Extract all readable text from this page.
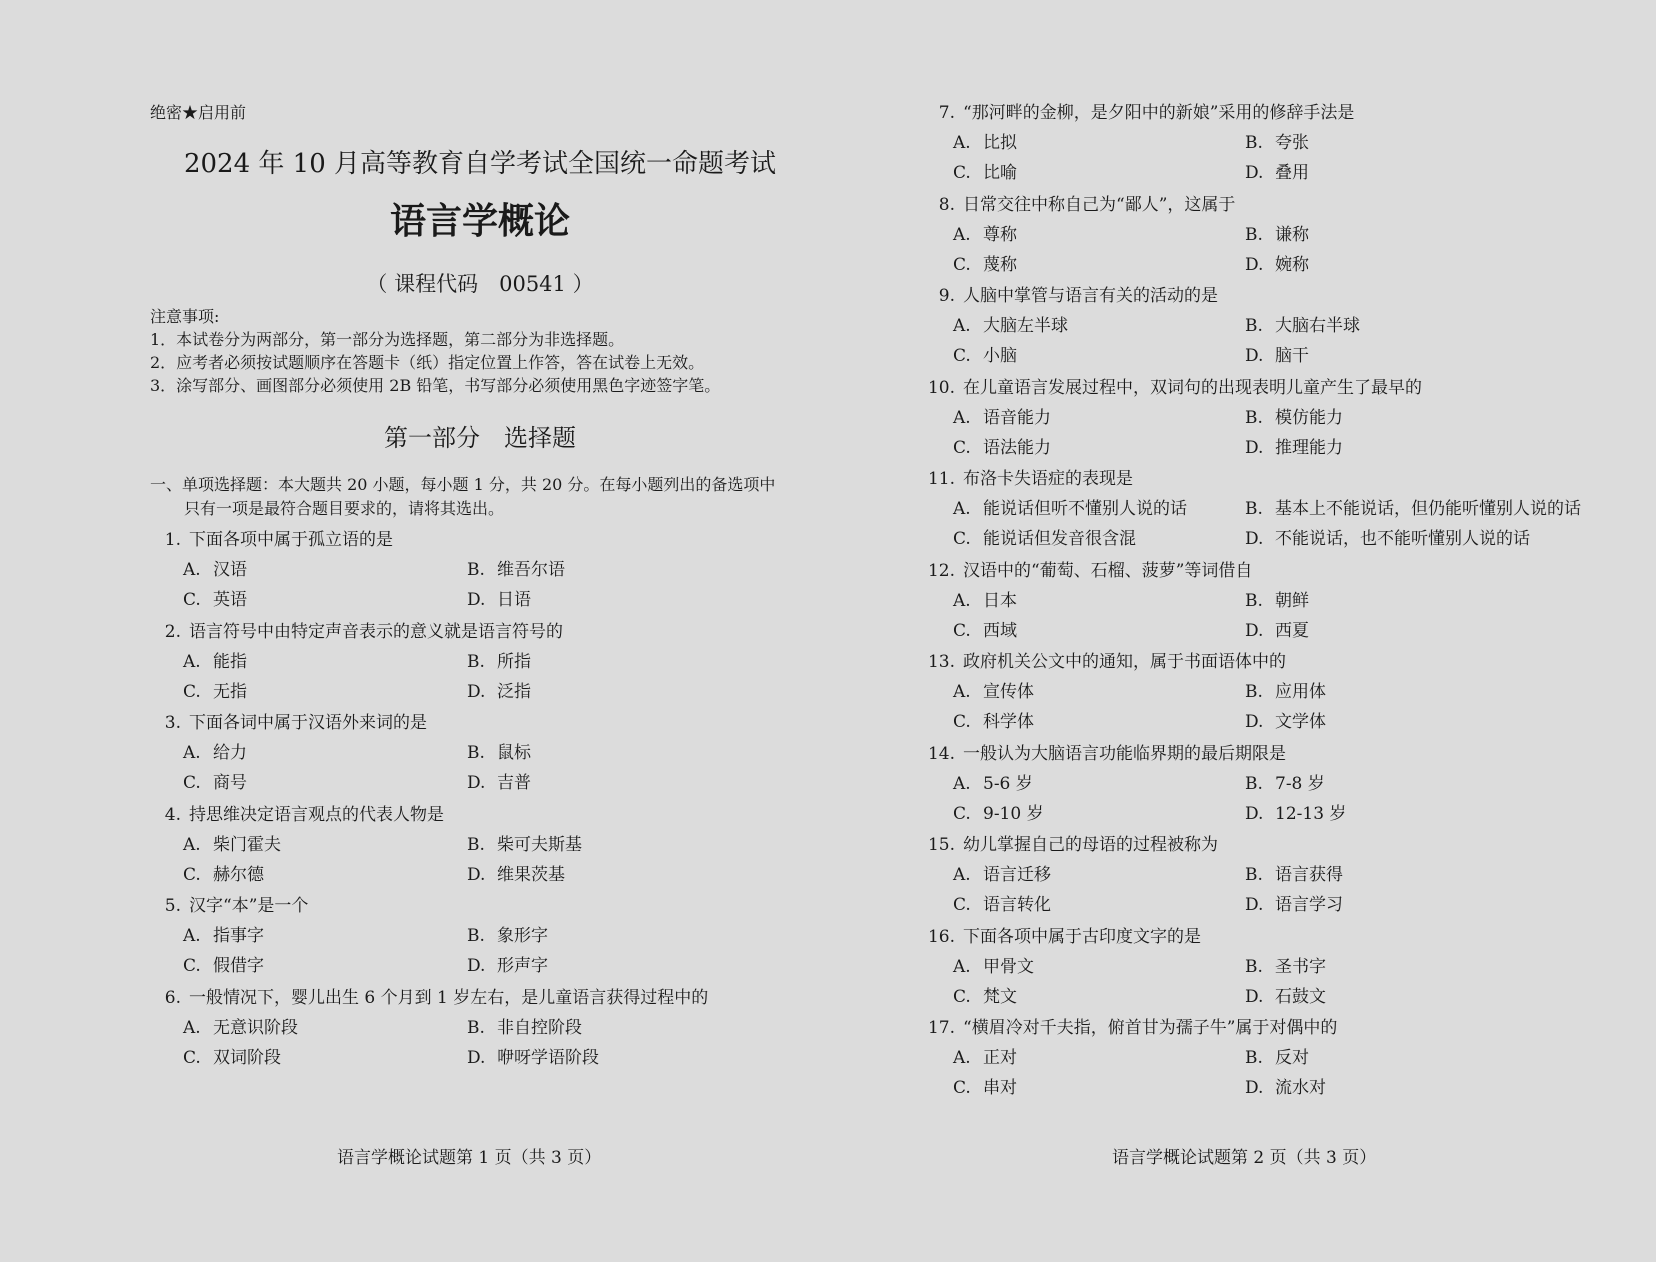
绝密★启用前
2024 年 10 月高等教育自学考试全国统一命题考试
语言学概论
（ 课程代码　00541 ）
注意事项:
1．本试卷分为两部分，第一部分为选择题，第二部分为非选择题。
2．应考者必须按试题顺序在答题卡（纸）指定位置上作答，答在试卷上无效。
3．涂写部分、画图部分必须使用 2B 铅笔，书写部分必须使用黑色字迹签字笔。
第一部分　选择题
一、单项选择题：本大题共 20 小题，每小题 1 分，共 20 分。在每小题列出的备选项中
只有一项是最符合题目要求的，请将其选出。
1. 下面各项中属于孤立语的是
A. 汉语	B. 维吾尔语
C. 英语	D. 日语
2. 语言符号中由特定声音表示的意义就是语言符号的
A. 能指	B. 所指
C. 无指	D. 泛指
3. 下面各词中属于汉语外来词的是
A. 给力	B. 鼠标
C. 商号	D. 吉普
4. 持思维决定语言观点的代表人物是
A. 柴门霍夫	B. 柴可夫斯基
C. 赫尔德	D. 维果茨基
5. 汉字“本”是一个
A. 指事字	B. 象形字
C. 假借字	D. 形声字
6. 一般情况下，婴儿出生 6 个月到 1 岁左右，是儿童语言获得过程中的
A. 无意识阶段	B. 非自控阶段
C. 双词阶段	D. 咿呀学语阶段
语言学概论试题第 1 页（共 3 页）	语言学概论试题第 2 页（共 3 页）
7. “那河畔的金柳，是夕阳中的新娘”采用的修辞手法是
A. 比拟	B. 夸张
C. 比喻	D. 叠用
8. 日常交往中称自己为“鄙人”，这属于
A. 尊称	B. 谦称
C. 蔑称	D. 婉称
9. 人脑中掌管与语言有关的活动的是
A. 大脑左半球	B. 大脑右半球
C. 小脑	D. 脑干
10. 在儿童语言发展过程中，双词句的出现表明儿童产生了最早的
A. 语音能力	B. 模仿能力
C. 语法能力	D. 推理能力
11. 布洛卡失语症的表现是
A. 能说话但听不懂别人说的话	B. 基本上不能说话，但仍能听懂别人说的话
C. 能说话但发音很含混	D. 不能说话，也不能听懂别人说的话
12. 汉语中的“葡萄、石榴、菠萝”等词借自
A. 日本	B. 朝鲜
C. 西域	D. 西夏
13. 政府机关公文中的通知，属于书面语体中的
A. 宣传体	B. 应用体
C. 科学体	D. 文学体
14. 一般认为大脑语言功能临界期的最后期限是
A. 5-6 岁	B. 7-8 岁
C. 9-10 岁	D. 12-13 岁
15. 幼儿掌握自己的母语的过程被称为
A. 语言迁移	B. 语言获得
C. 语言转化	D. 语言学习
16. 下面各项中属于古印度文字的是
A. 甲骨文	B. 圣书字
C. 梵文	D. 石鼓文
17. “横眉冷对千夫指，俯首甘为孺子牛”属于对偶中的
A. 正对	B. 反对
C. 串对	D. 流水对
